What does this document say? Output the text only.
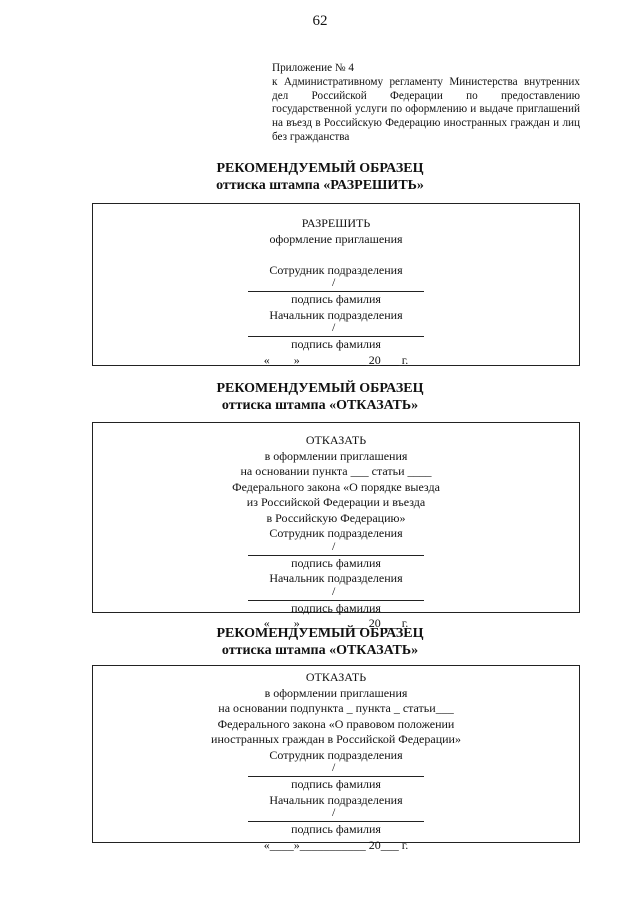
62
Приложение № 4
к Административному регламенту Министерства внутренних дел Российской Федерации по предоставлению государственной услуги по оформлению и выдаче приглашений на въезд в Российскую Федерацию иностранных граждан и лиц без гражданства
РЕКОМЕНДУЕМЫЙ ОБРАЗЕЦ
оттиска штампа «РАЗРЕШИТЬ»
РАЗРЕШИТЬ
оформление приглашения

Сотрудник подразделения
/
подпись фамилия
Начальник подразделения
/
подпись фамилия
«____»___________ 20___ г.
РЕКОМЕНДУЕМЫЙ ОБРАЗЕЦ
оттиска штампа «ОТКАЗАТЬ»
ОТКАЗАТЬ
в оформлении приглашения
на основании пункта ___ статьи ____
Федерального закона «О порядке выезда
из Российской Федерации и въезда
в Российскую Федерацию»
Сотрудник подразделения
/
подпись фамилия
Начальник подразделения
/
подпись фамилия
«____»___________ 20___ г.
РЕКОМЕНДУЕМЫЙ ОБРАЗЕЦ
оттиска штампа «ОТКАЗАТЬ»
ОТКАЗАТЬ
в оформлении приглашения
на основании подпункта _ пункта _ статьи___
Федерального закона «О правовом положении
иностранных граждан в Российской Федерации»
Сотрудник подразделения
/
подпись фамилия
Начальник подразделения
/
подпись фамилия
«____»___________ 20___ г.
